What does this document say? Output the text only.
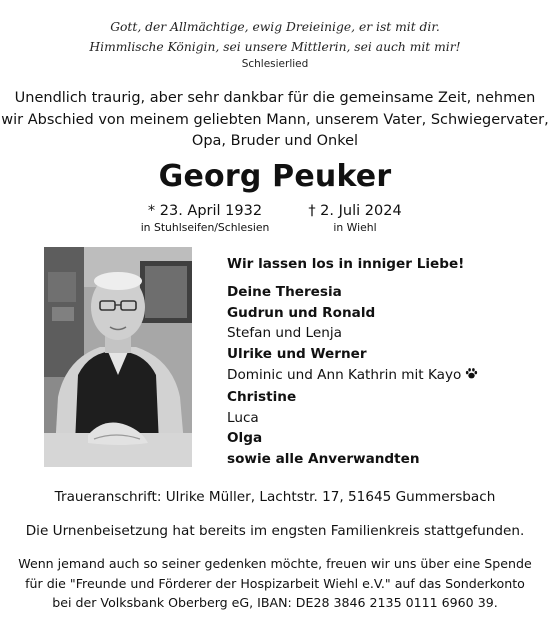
Gott, der Allmächtige, ewig Dreieinige, er ist mit dir.
Himmlische Königin, sei unsere Mittlerin, sei auch mit mir!
Schlesierlied
Unendlich traurig, aber sehr dankbar für die gemeinsame Zeit, nehmen
wir Abschied von meinem geliebten Mann, unserem Vater, Schwiegervater,
Opa, Bruder und Onkel
Georg Peuker
* 23. April 1932
in Stuhlseifen/Schlesien
† 2. Juli 2024
in Wiehl
Wir lassen los in inniger Liebe!
Deine Theresia
Gudrun und Ronald
Stefan und Lenja
Ulrike und Werner
Dominic und Ann Kathrin mit Kayo
Christine
Luca
Olga
sowie alle Anverwandten
Traueranschrift: Ulrike Müller, Lachtstr. 17, 51645 Gummersbach
Die Urnenbeisetzung hat bereits im engsten Familienkreis stattgefunden.
Wenn jemand auch so seiner gedenken möchte, freuen wir uns über eine Spende
für die "Freunde und Förderer der Hospizarbeit Wiehl e.V." auf das Sonderkonto
bei der Volksbank Oberberg eG, IBAN: DE28 3846 2135 0111 6960 39.
